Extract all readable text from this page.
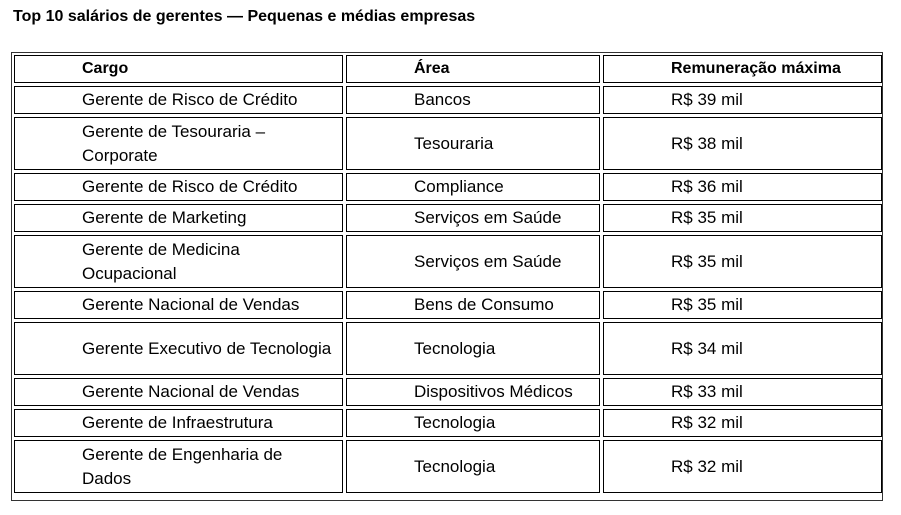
Top 10 salários de gerentes — Pequenas e médias empresas
Cargo	Área	Remuneração máxima
Gerente de Risco de Crédito	Bancos	R$ 39 mil

Gerente de Tesouraria – Corporate	Tesouraria	R$ 38 mil
Gerente de Risco de Crédito	Compliance	R$ 36 mil
Gerente de Marketing	Serviços em Saúde	R$ 35 mil

Gerente de Medicina Ocupacional	Serviços em Saúde	R$ 35 mil
Gerente Nacional de Vendas	Bens de Consumo	R$ 35 mil

Gerente Executivo de Tecnologia	Tecnologia	R$ 34 mil
Gerente Nacional de Vendas	Dispositivos Médicos	R$ 33 mil
Gerente de Infraestrutura	Tecnologia	R$ 32 mil

Gerente de Engenharia de Dados	Tecnologia	R$ 32 mil
